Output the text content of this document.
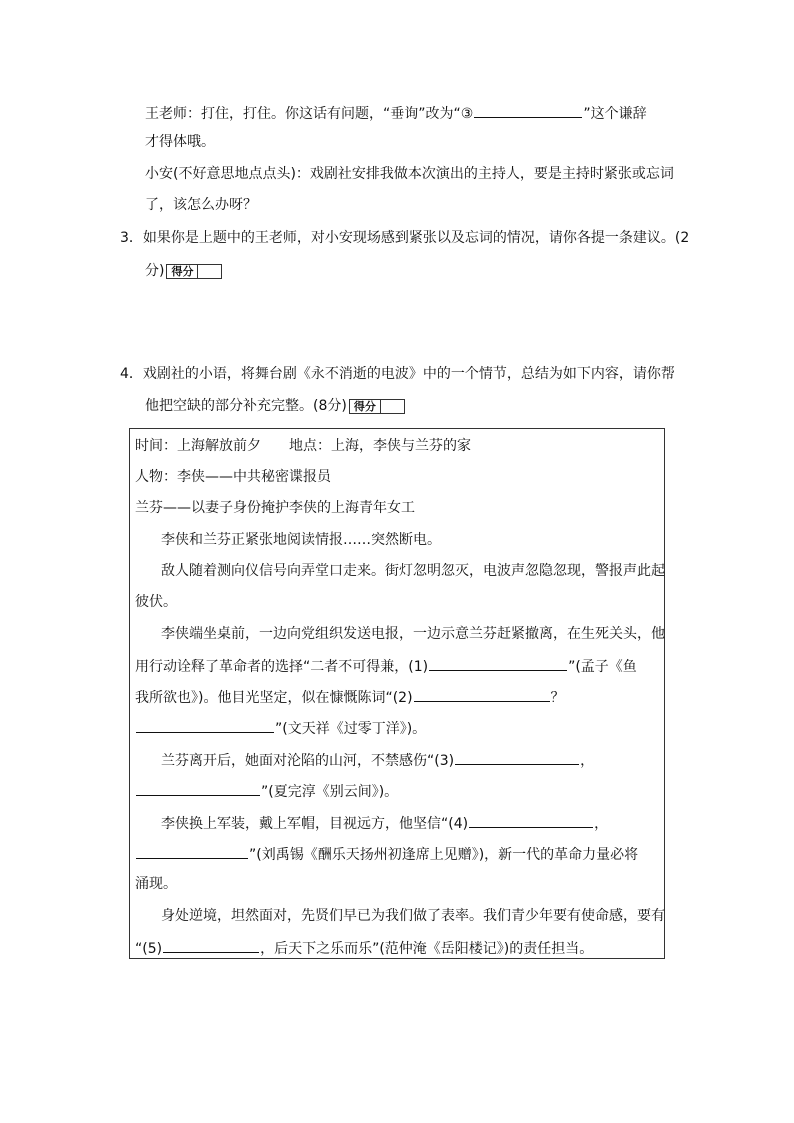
王老师：打住，打住。你这话有问题，“垂询”改为“③	”这个谦辞
才得体哦。
小安(不好意思地点点头)：戏剧社安排我做本次演出的主持人，要是主持时紧张或忘词
了，该怎么办呀？
3．如果你是上题中的王老师，对小安现场感到紧张以及忘词的情况，请你各提一条建议。(2
分) 得分
4．戏剧社的小语，将舞台剧《永不消逝的电波》中的一个情节，总结为如下内容，请你帮
他把空缺的部分补充完整。(8分) 得分
时间：上海解放前夕 地点：上海，李侠与兰芬的家
人物：李侠——中共秘密谍报员
兰芬——以妻子身份掩护李侠的上海青年女工
李侠和兰芬正紧张地阅读情报……突然断电。
敌人随着测向仪信号向弄堂口走来。街灯忽明忽灭，电波声忽隐忽现，警报声此起
彼伏。
李侠端坐桌前，一边向党组织发送电报，一边示意兰芬赶紧撤离，在生死关头，他
用行动诠释了革命者的选择“二者不可得兼，(1)	”(孟子《鱼
我所欲也》)。他目光坚定，似在慷慨陈词“(2)	？
”(文天祥《过零丁洋》)。
兰芬离开后，她面对沦陷的山河，不禁感伤“(3)	，
”(夏完淳《别云间》)。
李侠换上军装，戴上军帽，目视远方，他坚信“(4)	，
”(刘禹锡《酬乐天扬州初逢席上见赠》)，新一代的革命力量必将
涌现。
身处逆境，坦然面对，先贤们早已为我们做了表率。我们青少年要有使命感，要有
“(5)	，后天下之乐而乐”(范仲淹《岳阳楼记》)的责任担当。
